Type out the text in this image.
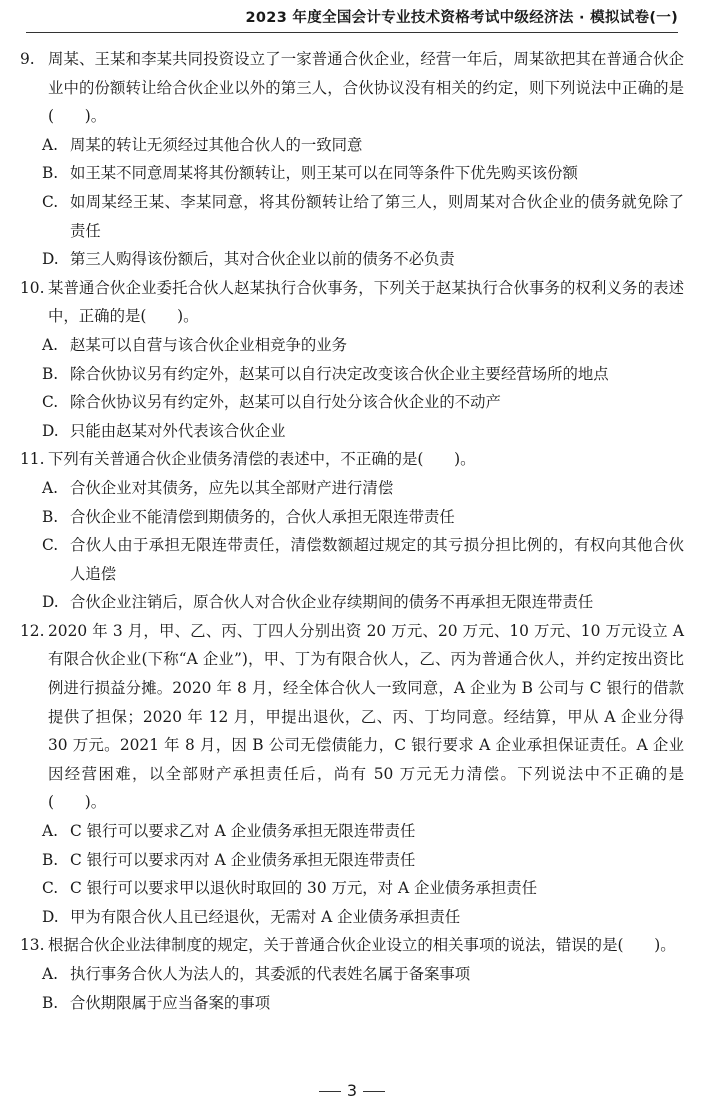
2023 年度全国会计专业技术资格考试中级经济法 · 模拟试卷(一)
9. 周某、王某和李某共同投资设立了一家普通合伙企业，经营一年后，周某欲把其在普通合伙企业中的份额转让给合伙企业以外的第三人，合伙协议没有相关的约定，则下列说法中正确的是(　　)。
A. 周某的转让无须经过其他合伙人的一致同意
B. 如王某不同意周某将其份额转让，则王某可以在同等条件下优先购买该份额
C. 如周某经王某、李某同意，将其份额转让给了第三人，则周某对合伙企业的债务就免除了责任
D. 第三人购得该份额后，其对合伙企业以前的债务不必负责
10. 某普通合伙企业委托合伙人赵某执行合伙事务，下列关于赵某执行合伙事务的权利义务的表述中，正确的是(　　)。
A. 赵某可以自营与该合伙企业相竞争的业务
B. 除合伙协议另有约定外，赵某可以自行决定改变该合伙企业主要经营场所的地点
C. 除合伙协议另有约定外，赵某可以自行处分该合伙企业的不动产
D. 只能由赵某对外代表该合伙企业
11. 下列有关普通合伙企业债务清偿的表述中，不正确的是(　　)。
A. 合伙企业对其债务，应先以其全部财产进行清偿
B. 合伙企业不能清偿到期债务的，合伙人承担无限连带责任
C. 合伙人由于承担无限连带责任，清偿数额超过规定的其亏损分担比例的，有权向其他合伙人追偿
D. 合伙企业注销后，原合伙人对合伙企业存续期间的债务不再承担无限连带责任
12. 2020 年 3 月，甲、乙、丙、丁四人分别出资 20 万元、20 万元、10 万元、10 万元设立 A 有限合伙企业(下称“A 企业”)，甲、丁为有限合伙人，乙、丙为普通合伙人，并约定按出资比例进行损益分摊。2020 年 8 月，经全体合伙人一致同意，A 企业为 B 公司与 C 银行的借款提供了担保；2020 年 12 月，甲提出退伙，乙、丙、丁均同意。经结算，甲从 A 企业分得 30 万元。2021 年 8 月，因 B 公司无偿债能力，C 银行要求 A 企业承担保证责任。A 企业因经营困难，以全部财产承担责任后，尚有 50 万元无力清偿。下列说法中不正确的是(　　)。
A. C 银行可以要求乙对 A 企业债务承担无限连带责任
B. C 银行可以要求丙对 A 企业债务承担无限连带责任
C. C 银行可以要求甲以退伙时取回的 30 万元，对 A 企业债务承担责任
D. 甲为有限合伙人且已经退伙，无需对 A 企业债务承担责任
13. 根据合伙企业法律制度的规定，关于普通合伙企业设立的相关事项的说法，错误的是(　　)。
A. 执行事务合伙人为法人的，其委派的代表姓名属于备案事项
B. 合伙期限属于应当备案的事项
3
